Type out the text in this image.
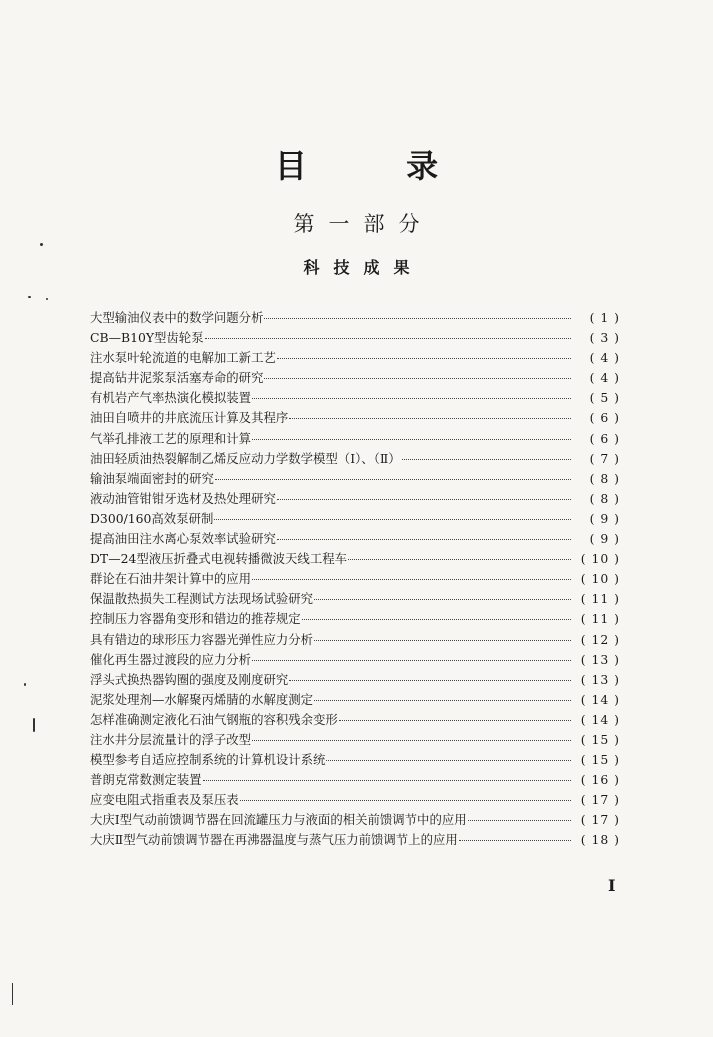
目 录
第一部分
科技成果
大型输油仪表中的数学问题分析	( 1 )
CB—B10Y型齿轮泵	( 3 )
注水泵叶轮流道的电解加工新工艺	( 4 )
提高钻井泥浆泵活塞寿命的研究	( 4 )
有机岩产气率热演化模拟装置	( 5 )
油田自喷井的井底流压计算及其程序	( 6 )
气举孔排液工艺的原理和计算	( 6 )
油田轻质油热裂解制乙烯反应动力学数学模型（Ⅰ）、（Ⅱ）	( 7 )
输油泵端面密封的研究	( 8 )
液动油管钳钳牙选材及热处理研究	( 8 )
D300/160高效泵研制	( 9 )
提高油田注水离心泵效率试验研究	( 9 )
DT—24型液压折叠式电视转播微波天线工程车	( 10 )
群论在石油井架计算中的应用	( 10 )
保温散热损失工程测试方法现场试验研究	( 11 )
控制压力容器角变形和错边的推荐规定	( 11 )
具有错边的球形压力容器光弹性应力分析	( 12 )
催化再生器过渡段的应力分析	( 13 )
浮头式换热器钩圈的强度及刚度研究	( 13 )
泥浆处理剂—水解聚丙烯腈的水解度测定	( 14 )
怎样准确测定液化石油气钢瓶的容积残余变形	( 14 )
注水井分层流量计的浮子改型	( 15 )
模型参考自适应控制系统的计算机设计系统	( 15 )
普朗克常数测定装置	( 16 )
应变电阻式指重表及泵压表	( 17 )
大庆Ⅰ型气动前馈调节器在回流罐压力与液面的相关前馈调节中的应用	( 17 )
大庆Ⅱ型气动前馈调节器在再沸器温度与蒸气压力前馈调节上的应用	( 18 )
I
